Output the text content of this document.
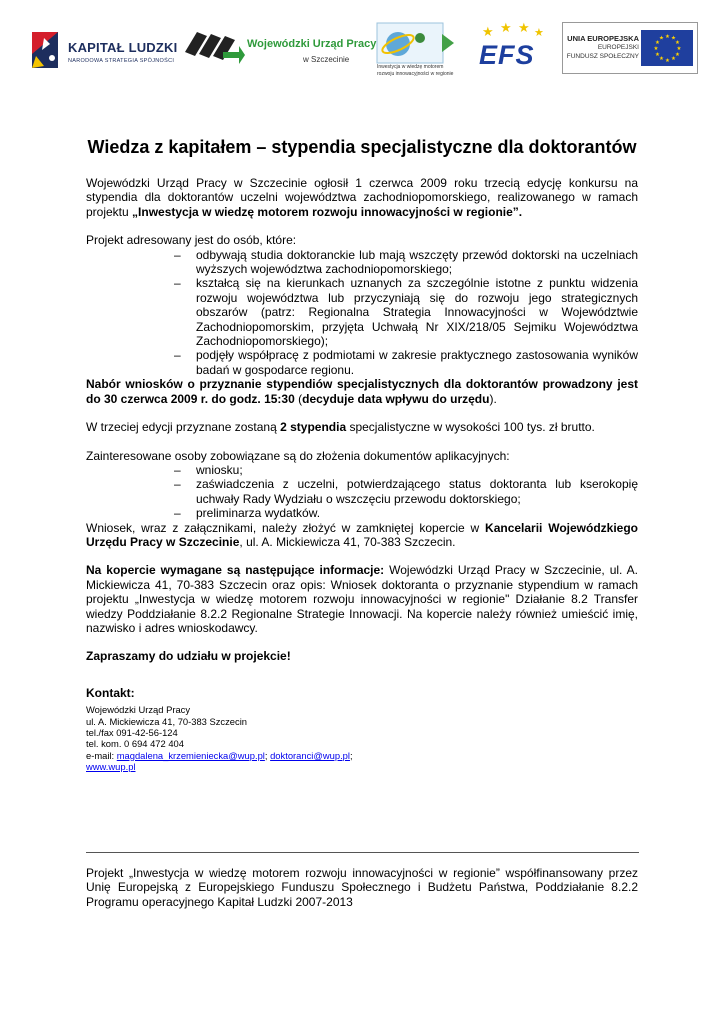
KAPITAŁ LUDZKI
NARODOWA STRATEGIA SPÓJNOŚCI
Wojewódzki Urząd Pracy
w Szczecinie
Inwestycja w wiedzę motorem
rozwoju innowacyjności w regionie
★ ★ ★ ★
EFS
UNIA EUROPEJSKA
EUROPEJSKI
FUNDUSZ SPOŁECZNY
★ ★
★
★
★
★
★
★
★
★
★
★
Wiedza z kapitałem – stypendia specjalistyczne dla doktorantów

Wojewódzki Urząd Pracy w Szczecinie ogłosił 1 czerwca 2009 roku trzecią edycję konkursu na stypendia dla doktorantów uczelni województwa zachodniopomorskiego, realizowanego w ramach projektu „Inwestycja w wiedzę motorem rozwoju innowacyjności w regionie”.

Projekt adresowany jest do osób, które:

– odbywają studia doktoranckie lub mają wszczęty przewód doktorski na uczelniach wyższych województwa zachodniopomorskiego;
– kształcą się na kierunkach uznanych za szczególnie istotne z punktu widzenia rozwoju województwa lub przyczyniają się do rozwoju jego strategicznych obszarów (patrz: Regionalna Strategia Innowacyjności w Województwie Zachodniopomorskim, przyjęta Uchwałą Nr XIX/218/05 Sejmiku Województwa Zachodniopomorskiego);
– podjęły współpracę z podmiotami w zakresie praktycznego zastosowania wyników badań w gospodarce regionu.

Nabór wniosków o przyznanie stypendiów specjalistycznych dla doktorantów prowadzony jest do 30 czerwca 2009 r. do godz. 15:30 (decyduje data wpływu do urzędu).

W trzeciej edycji przyznane zostaną 2 stypendia specjalistyczne w wysokości 100 tys. zł brutto.

Zainteresowane osoby zobowiązane są do złożenia dokumentów aplikacyjnych:

– wniosku;
– zaświadczenia z uczelni, potwierdzającego status doktoranta lub kserokopię uchwały Rady Wydziału o wszczęciu przewodu doktorskiego;
– preliminarza wydatków.

Wniosek, wraz z załącznikami, należy złożyć w zamkniętej kopercie w Kancelarii Wojewódzkiego Urzędu Pracy w Szczecinie, ul. A. Mickiewicza 41, 70-383 Szczecin.

Na kopercie wymagane są następujące informacje: Wojewódzki Urząd Pracy w Szczecinie, ul. A. Mickiewicza 41, 70-383 Szczecin oraz opis: Wniosek doktoranta o przyznanie stypendium w ramach projektu „Inwestycja w wiedzę motorem rozwoju innowacyjności w regionie" Działanie 8.2 Transfer wiedzy Poddziałanie 8.2.2 Regionalne Strategie Innowacji. Na kopercie należy również umieścić imię, nazwisko i adres wnioskodawcy.

Zapraszamy do udziału w projekcie!

Kontakt:

Wojewódzki Urząd Pracy
ul. A. Mickiewicza 41, 70-383 Szczecin
tel./fax 091-42-56-124
tel. kom. 0 694 472 404
e-mail: magdalena_krzemieniecka@wup.pl; doktoranci@wup.pl;
www.wup.pl
Projekt „Inwestycja w wiedzę motorem rozwoju innowacyjności w regionie” współfinansowany przez Unię Europejską z Europejskiego Funduszu Społecznego i Budżetu Państwa, Poddziałanie 8.2.2 Programu operacyjnego Kapitał Ludzki 2007-2013
